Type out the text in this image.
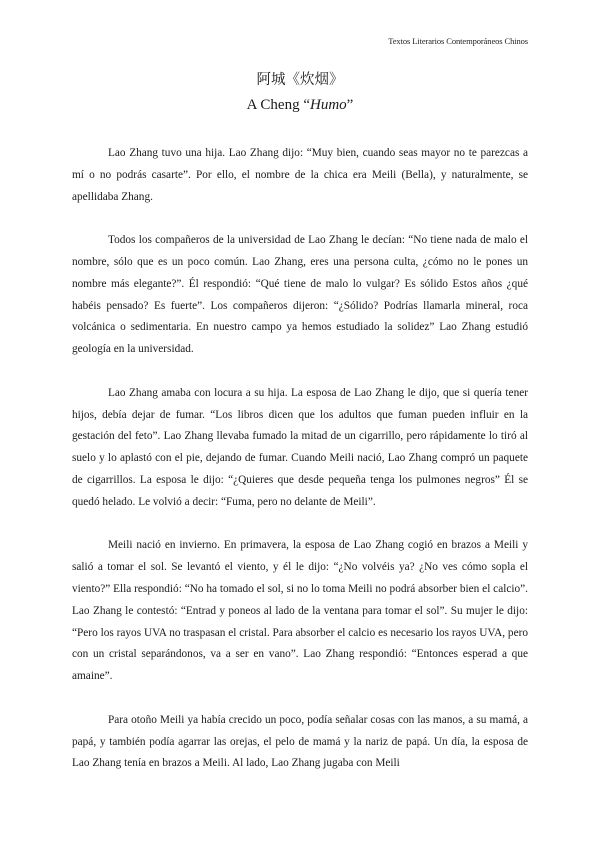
Textos Literarios Contemporáneos Chinos
阿城《炊烟》
A Cheng “Humo”

Lao Zhang tuvo una hija. Lao Zhang dijo: “Muy bien, cuando seas mayor no te parezcas a mí o no podrás casarte”. Por ello, el nombre de la chica era Meili (Bella), y naturalmente, se apellidaba Zhang.

Todos los compañeros de la universidad de Lao Zhang le decían: “No tiene nada de malo el nombre, sólo que es un poco común. Lao Zhang, eres una persona culta, ¿cómo no le pones un nombre más elegante?”. Él respondió: “Qué tiene de malo lo vulgar? Es sólido Estos años ¿qué habéis pensado? Es fuerte”. Los compañeros dijeron: “¿Sólido? Podrías llamarla mineral, roca volcánica o sedimentaria. En nuestro campo ya hemos estudiado la solidez” Lao Zhang estudió geología en la universidad.

Lao Zhang amaba con locura a su hija. La esposa de Lao Zhang le dijo, que si quería tener hijos, debía dejar de fumar. “Los libros dicen que los adultos que fuman pueden influir en la gestación del feto”. Lao Zhang llevaba fumado la mitad de un cigarrillo, pero rápidamente lo tiró al suelo y lo aplastó con el pie, dejando de fumar. Cuando Meili nació, Lao Zhang compró un paquete de cigarrillos. La esposa le dijo: “¿Quieres que desde pequeña tenga los pulmones negros” Él se quedó helado. Le volvió a decir: “Fuma, pero no delante de Meili”.

Meili nació en invierno. En primavera, la esposa de Lao Zhang cogió en brazos a Meili y salió a tomar el sol. Se levantó el viento, y él le dijo: “¿No volvéis ya? ¿No ves cómo sopla el viento?” Ella respondió: “No ha tomado el sol, si no lo toma Meili no podrá absorber bien el calcio”. Lao Zhang le contestó: “Entrad y poneos al lado de la ventana para tomar el sol”. Su mujer le dijo: “Pero los rayos UVA no traspasan el cristal. Para absorber el calcio es necesario los rayos UVA, pero con un cristal separándonos, va a ser en vano”. Lao Zhang respondió: “Entonces esperad a que amaine”.

Para otoño Meili ya había crecido un poco, podía señalar cosas con las manos, a su mamá, a papá, y también podía agarrar las orejas, el pelo de mamá y la nariz de papá. Un día, la esposa de Lao Zhang tenía en brazos a Meili. Al lado, Lao Zhang jugaba con Meili
